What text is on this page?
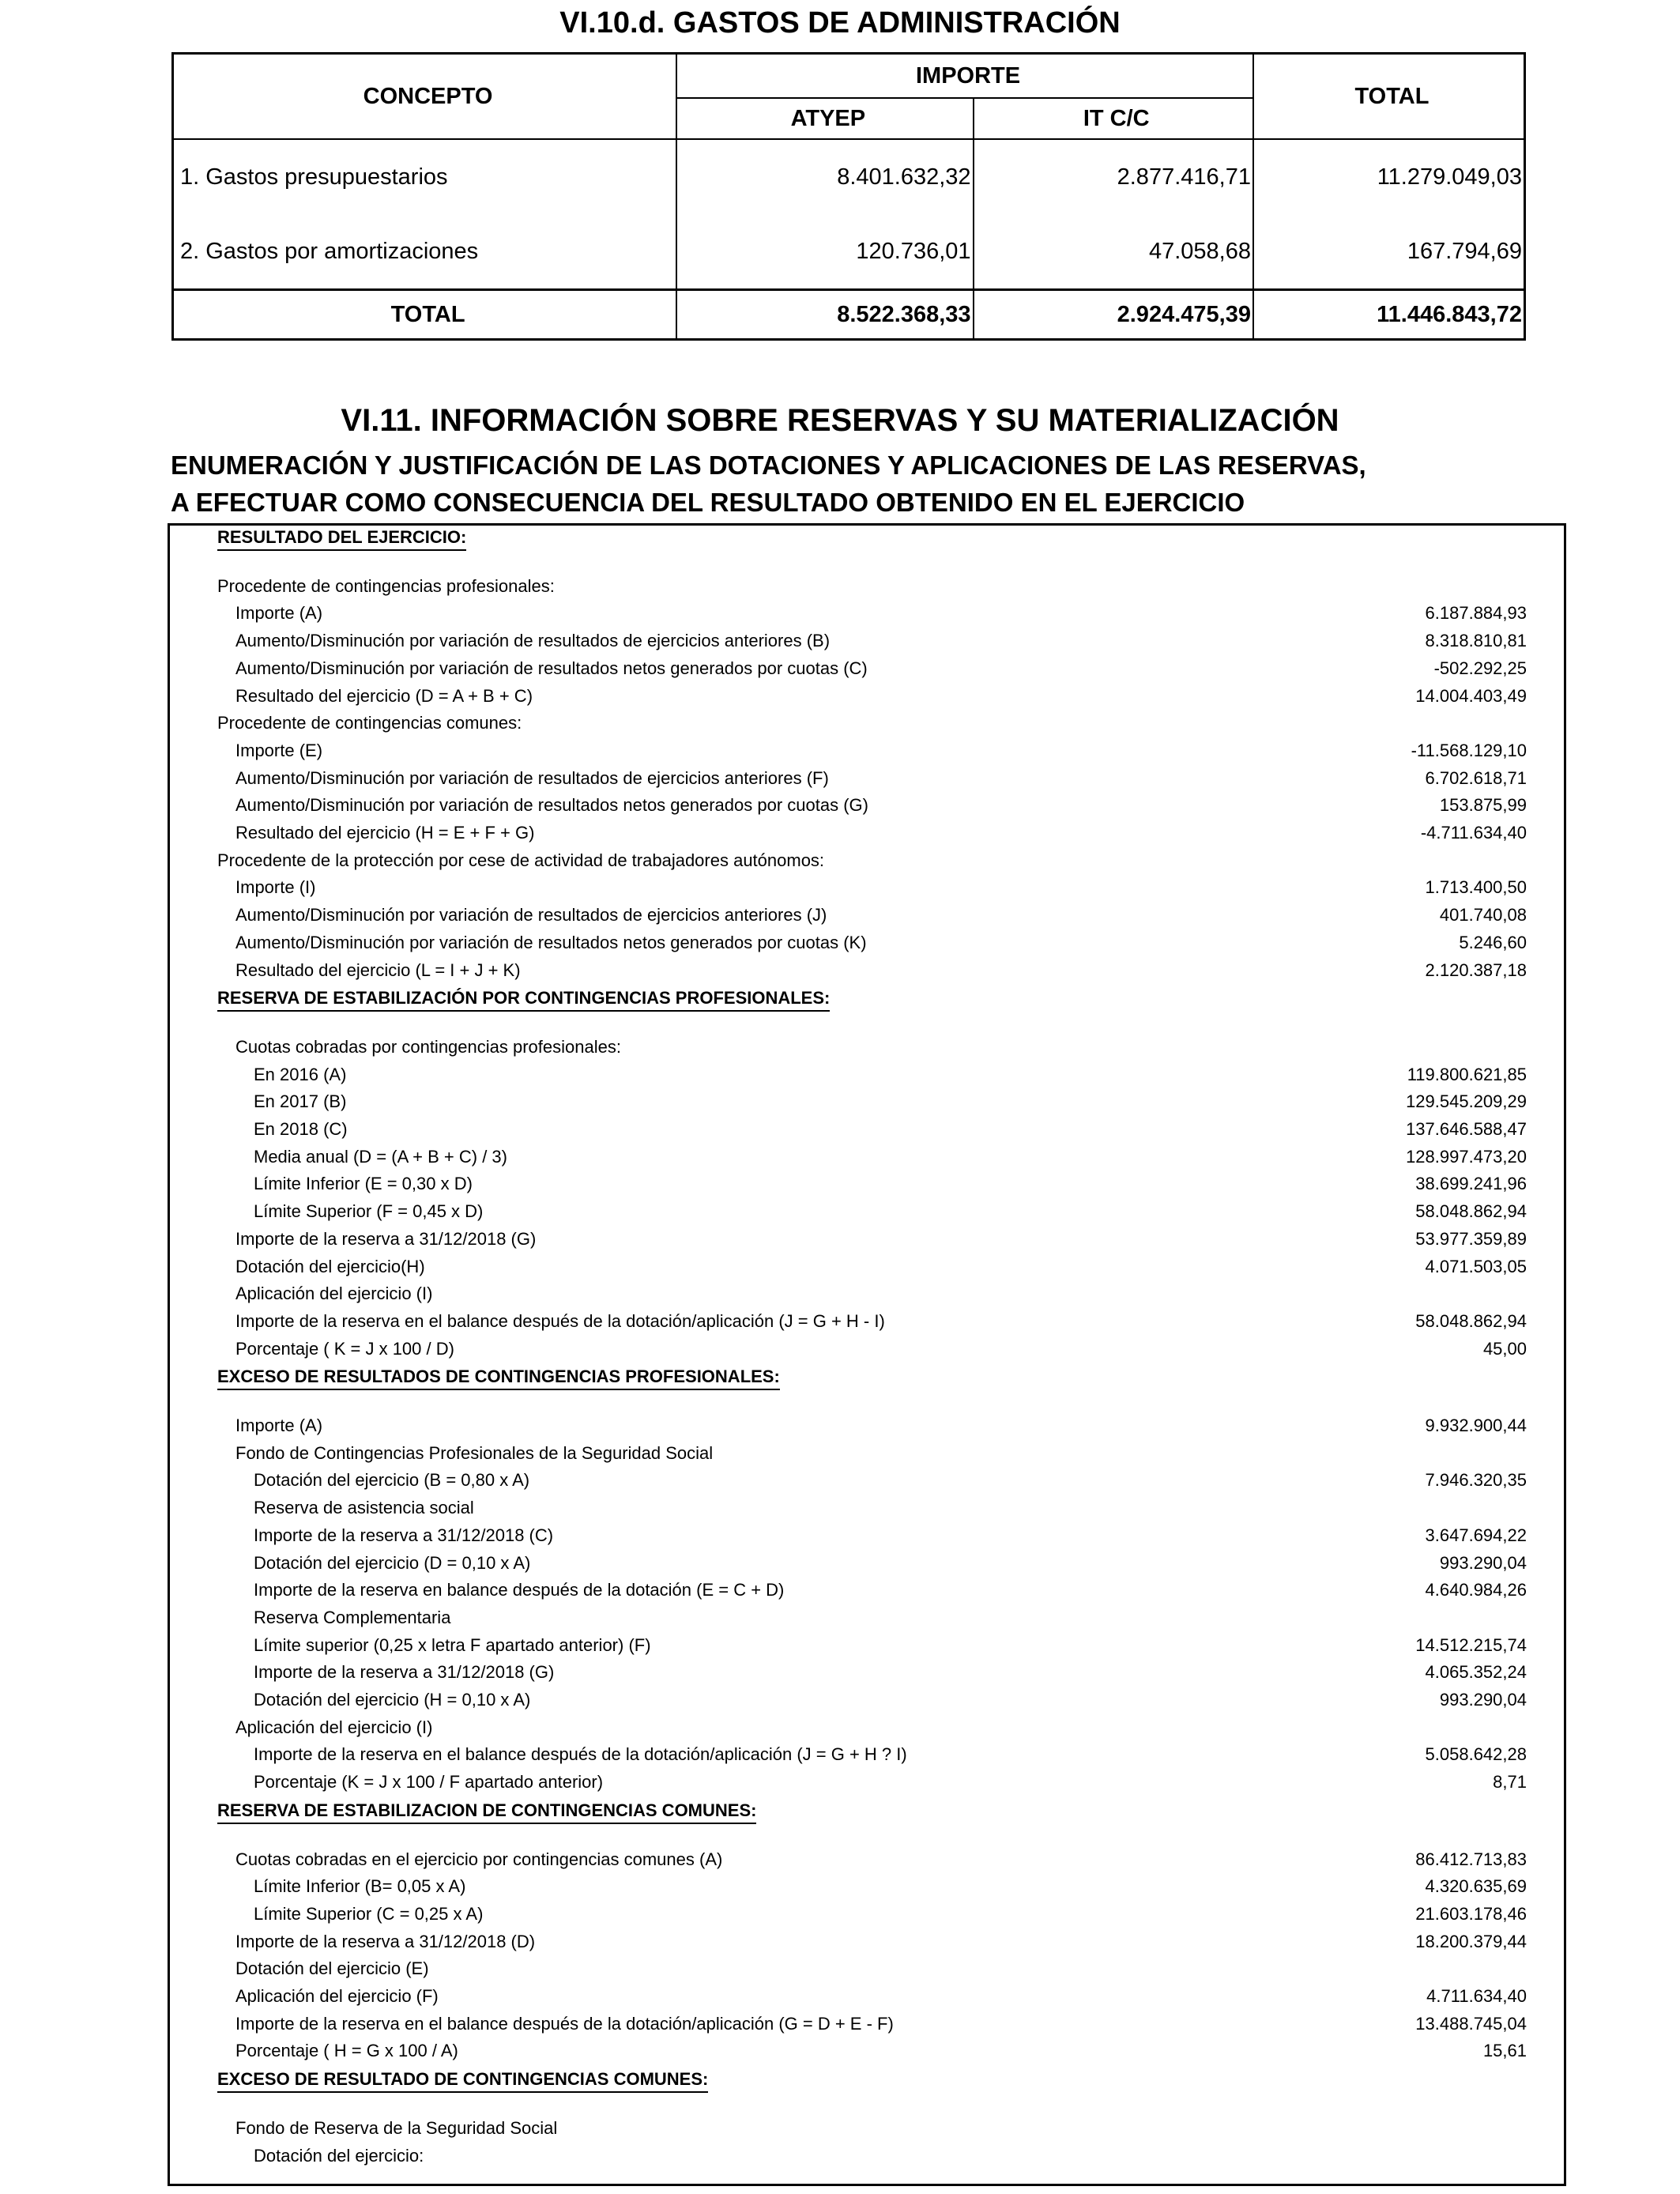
VI.10.d. GASTOS DE ADMINISTRACIÓN
CONCEPTO	IMPORTE		TOTAL
	ATYEP	IT C/C	
1. Gastos presupuestarios	8.401.632,32	2.877.416,71	11.279.049,03
2. Gastos por amortizaciones	120.736,01	47.058,68	167.794,69
TOTAL	8.522.368,33	2.924.475,39	11.446.843,72
VI.11. INFORMACIÓN SOBRE RESERVAS Y SU MATERIALIZACIÓN
ENUMERACIÓN Y JUSTIFICACIÓN DE LAS DOTACIONES Y APLICACIONES DE LAS RESERVAS,
A EFECTUAR COMO CONSECUENCIA DEL RESULTADO OBTENIDO EN EL EJERCICIO
RESULTADO DEL EJERCICIO:
Procedente de contingencias profesionales:
Importe (A)	6.187.884,93
Aumento/Disminución por variación de resultados de ejercicios anteriores (B)	8.318.810,81
Aumento/Disminución por variación de resultados netos generados por cuotas (C)	-502.292,25
Resultado del ejercicio (D = A + B + C)	14.004.403,49
Procedente de contingencias comunes:
Importe (E)	-11.568.129,10
Aumento/Disminución por variación de resultados de ejercicios anteriores (F)	6.702.618,71
Aumento/Disminución por variación de resultados netos generados por cuotas (G)	153.875,99
Resultado del ejercicio (H = E + F + G)	-4.711.634,40
Procedente de la protección por cese de actividad de trabajadores autónomos:
Importe (I)	1.713.400,50
Aumento/Disminución por variación de resultados de ejercicios anteriores (J)	401.740,08
Aumento/Disminución por variación de resultados netos generados por cuotas (K)	5.246,60
Resultado del ejercicio (L = I + J + K)	2.120.387,18
RESERVA DE ESTABILIZACIÓN POR CONTINGENCIAS PROFESIONALES:
Cuotas cobradas por contingencias profesionales:
En 2016 (A)	119.800.621,85
En 2017 (B)	129.545.209,29
En 2018 (C)	137.646.588,47
Media anual (D = (A + B + C) / 3)	128.997.473,20
Límite Inferior (E = 0,30 x D)	38.699.241,96
Límite Superior (F = 0,45 x D)	58.048.862,94
Importe de la reserva a 31/12/2018 (G)	53.977.359,89
Dotación del ejercicio(H)	4.071.503,05
Aplicación del ejercicio (I)
Importe de la reserva en el balance después de la dotación/aplicación (J = G + H - I)	58.048.862,94
Porcentaje ( K = J x 100 / D)	45,00
EXCESO DE RESULTADOS DE CONTINGENCIAS PROFESIONALES:
Importe (A)	9.932.900,44
Fondo de Contingencias Profesionales de la Seguridad Social
Dotación del ejercicio (B = 0,80 x A)	7.946.320,35
Reserva de asistencia social
Importe de la reserva a 31/12/2018 (C)	3.647.694,22
Dotación del ejercicio (D = 0,10 x A)	993.290,04
Importe de la reserva en balance después de la dotación (E = C + D)	4.640.984,26
Reserva Complementaria
Límite superior (0,25 x letra F apartado anterior) (F)	14.512.215,74
Importe de la reserva a 31/12/2018 (G)	4.065.352,24
Dotación del ejercicio (H = 0,10 x A)	993.290,04
Aplicación del ejercicio (I)
Importe de la reserva en el balance después de la dotación/aplicación (J = G + H ? I)	5.058.642,28
Porcentaje (K = J x 100 / F apartado anterior)	8,71
RESERVA DE ESTABILIZACION DE CONTINGENCIAS COMUNES:
Cuotas cobradas en el ejercicio por contingencias comunes (A)	86.412.713,83
Límite Inferior (B= 0,05 x A)	4.320.635,69
Límite Superior (C = 0,25 x A)	21.603.178,46
Importe de la reserva a 31/12/2018 (D)	18.200.379,44
Dotación del ejercicio (E)
Aplicación del ejercicio (F)	4.711.634,40
Importe de la reserva en el balance después de la dotación/aplicación (G = D + E - F)	13.488.745,04
Porcentaje ( H = G x 100 / A)	15,61
EXCESO DE RESULTADO DE CONTINGENCIAS COMUNES:
Fondo de Reserva de la Seguridad Social
Dotación del ejercicio:
